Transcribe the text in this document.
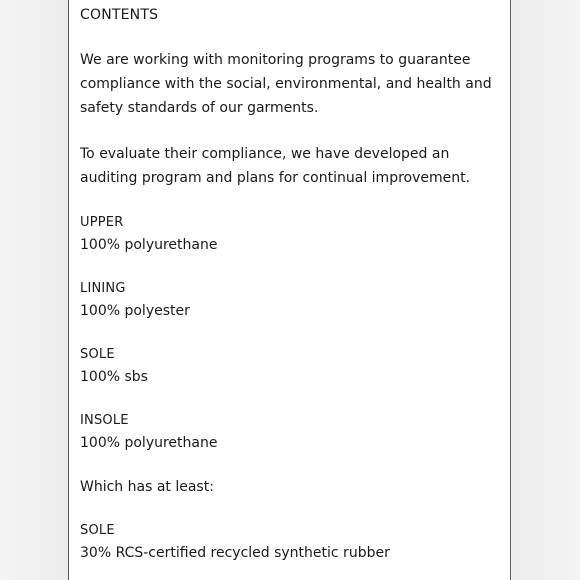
CONTENTS

We are working with monitoring programs to guarantee compliance with the social, environmental, and health and safety standards of our garments.

To evaluate their compliance, we have developed an auditing program and plans for continual improvement.

UPPER

100% polyurethane

LINING

100% polyester

SOLE

100% sbs

INSOLE

100% polyurethane

Which has at least:

SOLE

30% RCS-certified recycled synthetic rubber
